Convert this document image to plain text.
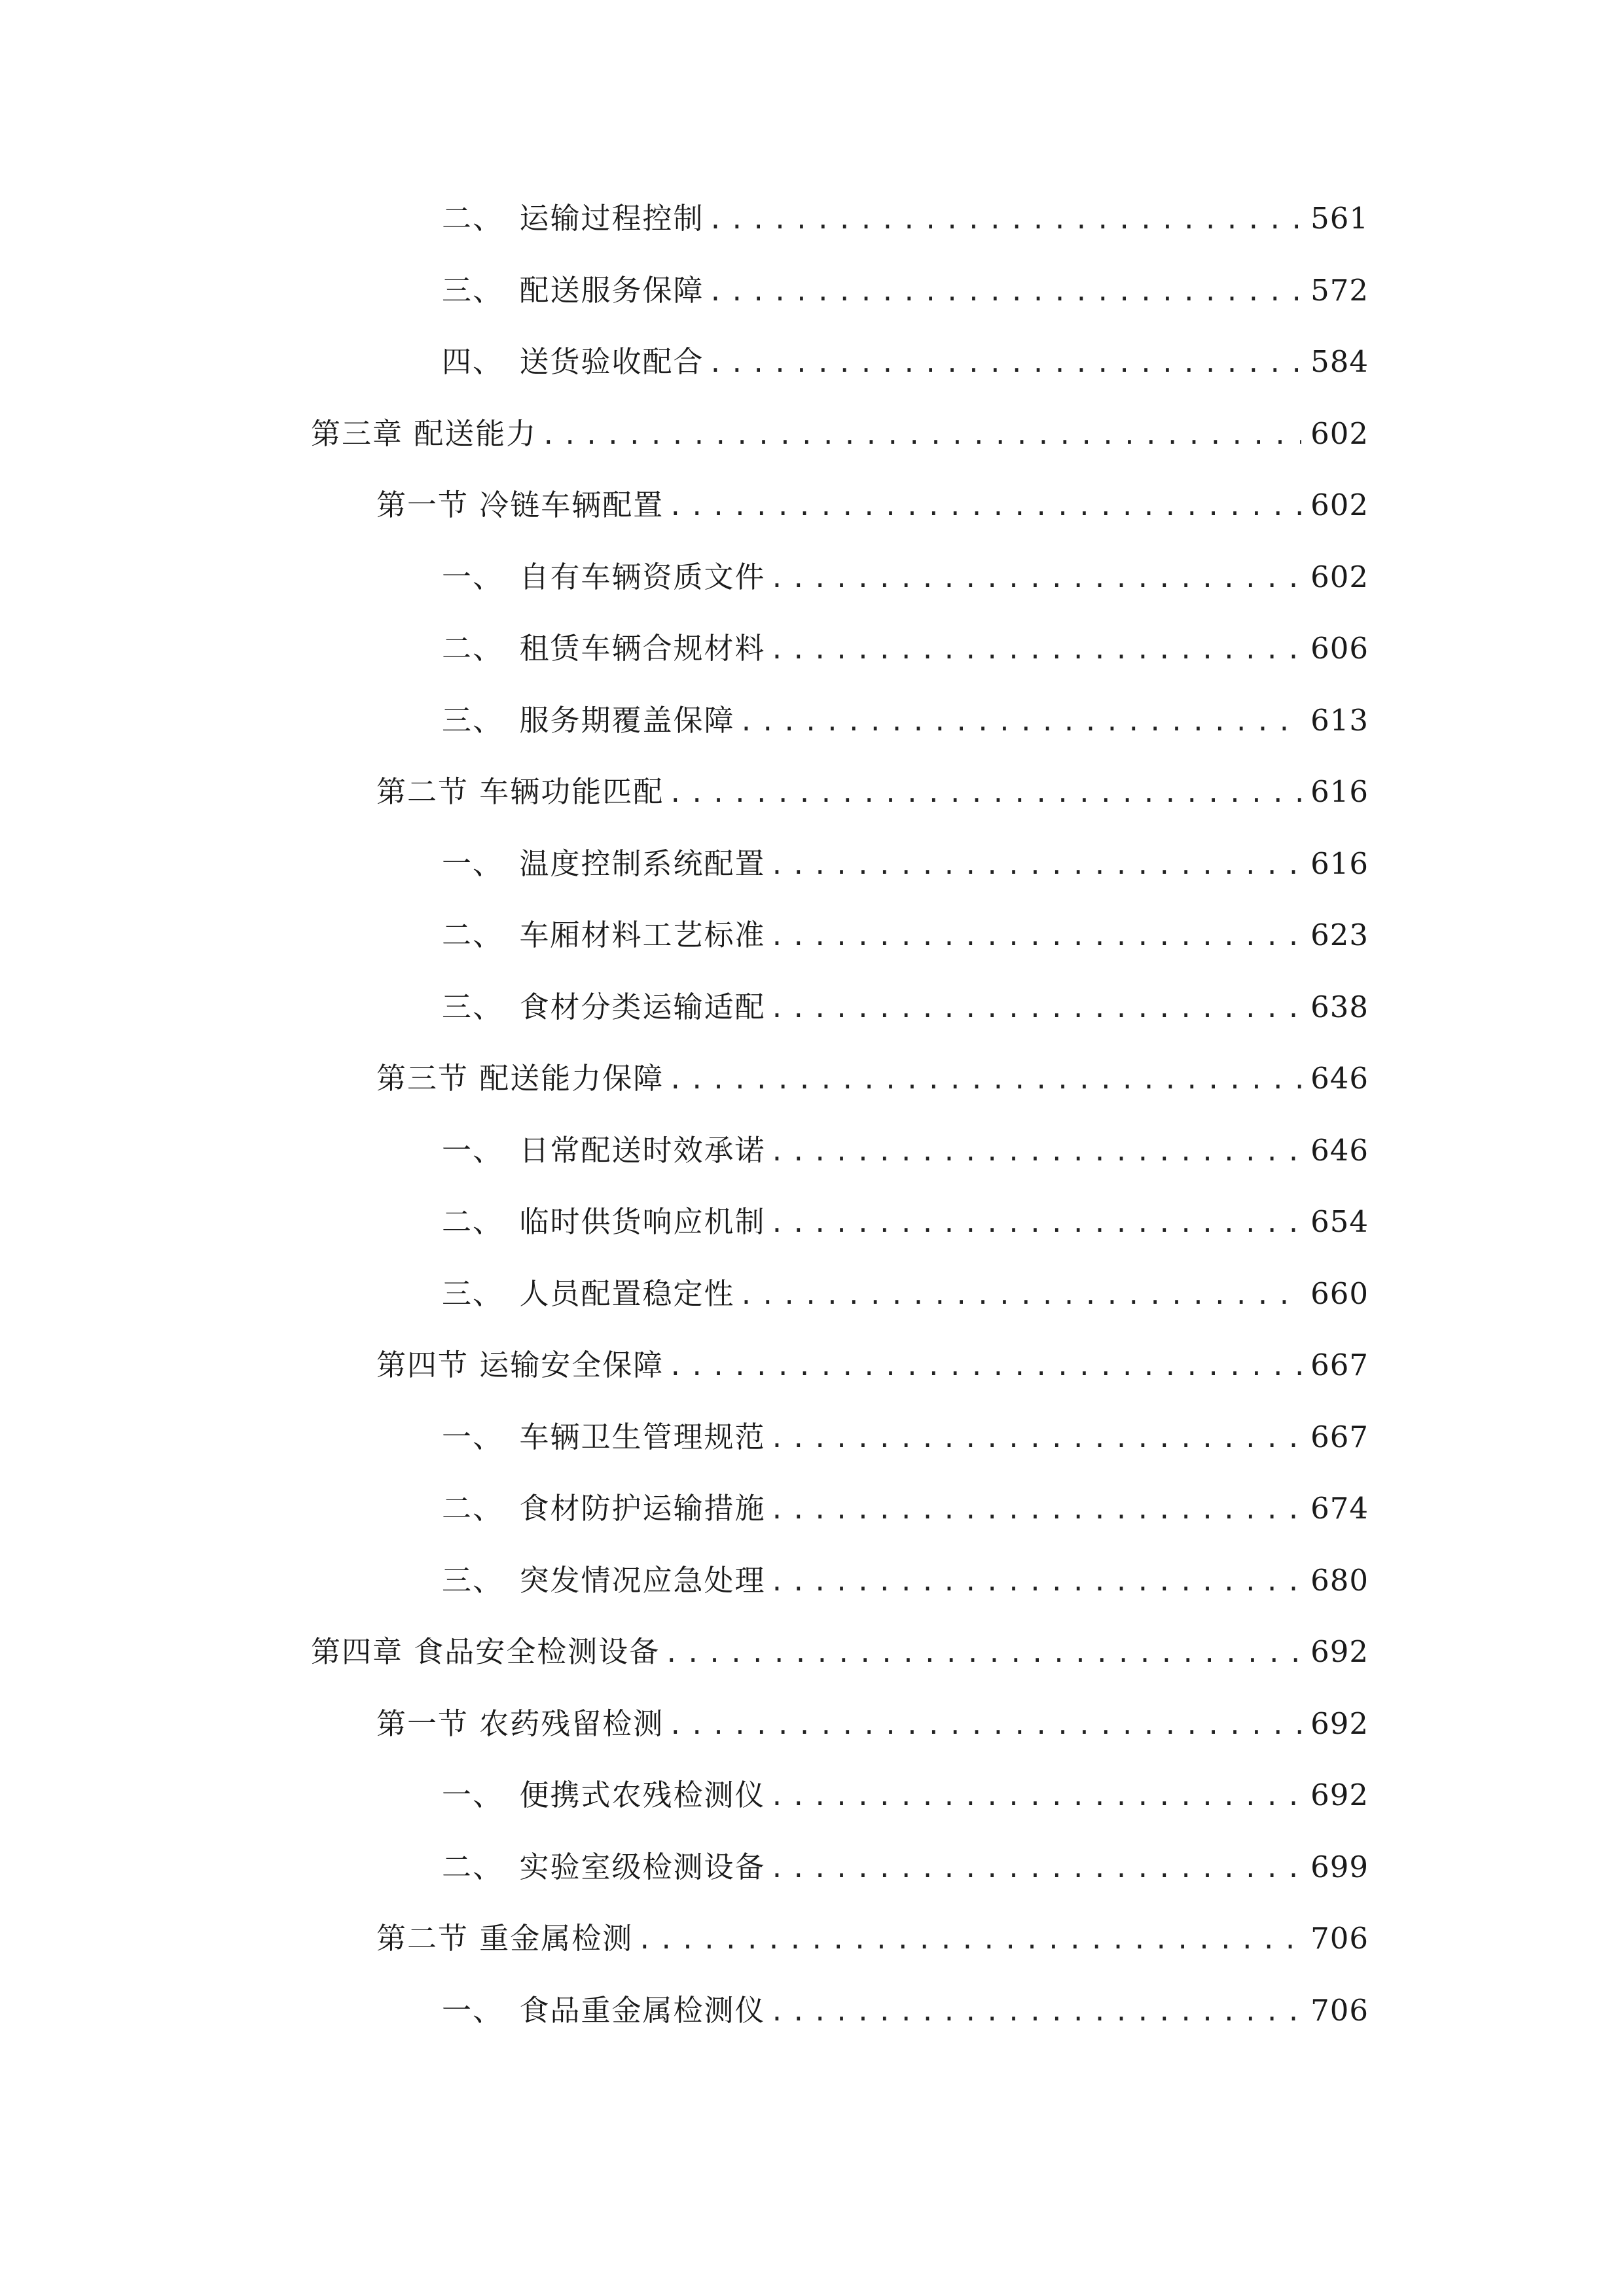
二、　运输过程控制 .....	561
三、　配送服务保障 .....	572
四、　送货验收配合 .....	584
第三章 配送能力 .....	602
第一节 冷链车辆配置 .....	602
一、　自有车辆资质文件 .....	602
二、　租赁车辆合规材料 .....	606
三、　服务期覆盖保障 .....	613
第二节 车辆功能匹配 .....	616
一、　温度控制系统配置 .....	616
二、　车厢材料工艺标准 .....	623
三、　食材分类运输适配 .....	638
第三节 配送能力保障 .....	646
一、　日常配送时效承诺 .....	646
二、　临时供货响应机制 .....	654
三、　人员配置稳定性 .....	660
第四节 运输安全保障 .....	667
一、　车辆卫生管理规范 .....	667
二、　食材防护运输措施 .....	674
三、　突发情况应急处理 .....	680
第四章 食品安全检测设备 .....	692
第一节 农药残留检测 .....	692
一、　便携式农残检测仪 .....	692
二、　实验室级检测设备 .....	699
第二节 重金属检测 .....	706
一、　食品重金属检测仪 .....	706
